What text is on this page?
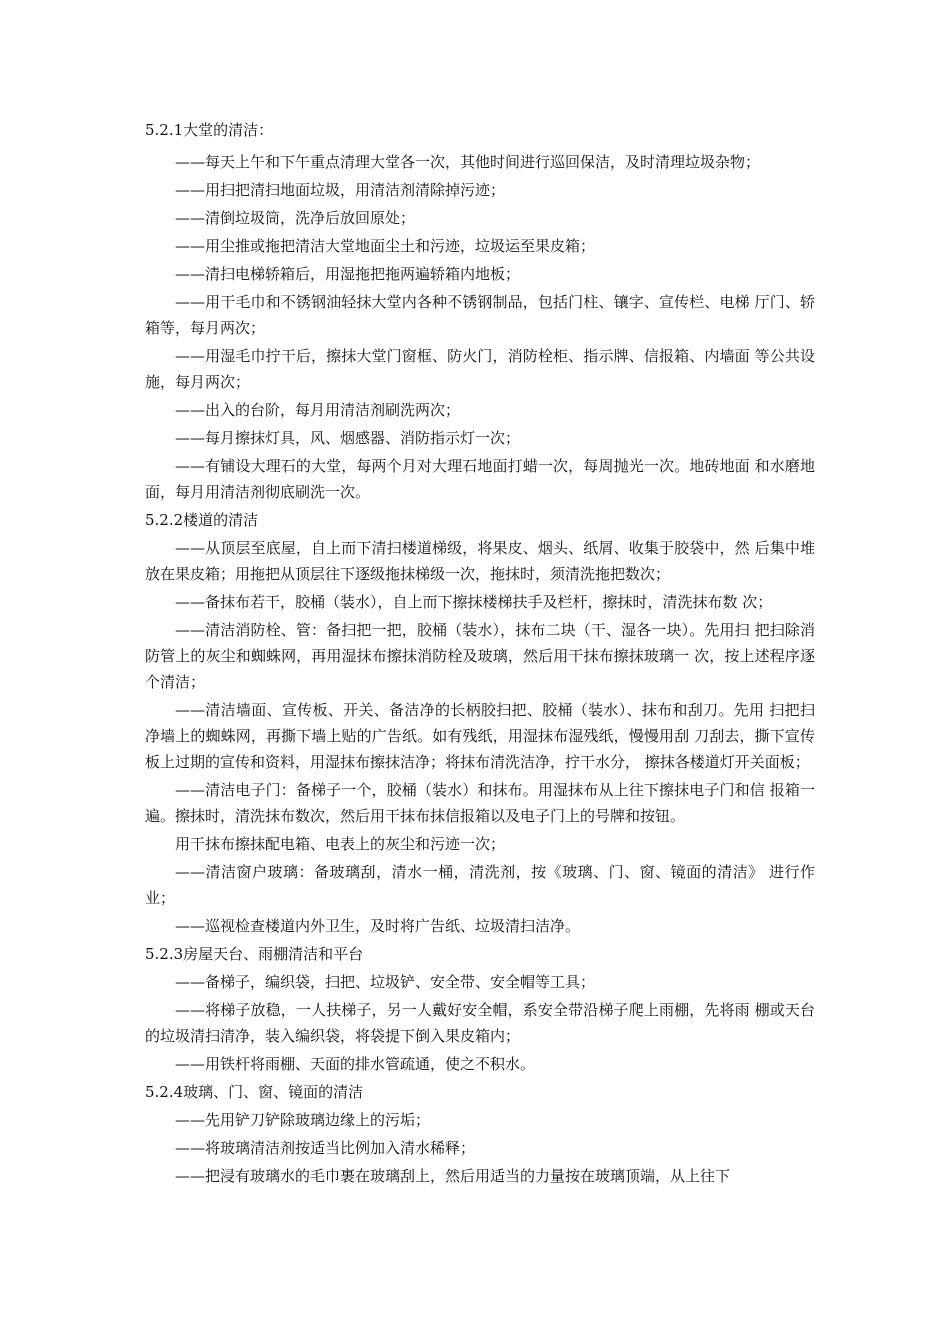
5.2.1大堂的清洁：

——每天上午和下午重点清理大堂各一次，其他时间进行巡回保洁，及时清理垃圾杂物；

——用扫把清扫地面垃圾，用清洁剂清除掉污迹；

——清倒垃圾筒，洗净后放回原处；

——用尘推或拖把清洁大堂地面尘土和污迹，垃圾运至果皮箱；

——清扫电梯轿箱后，用湿拖把拖两遍轿箱内地板；

——用干毛巾和不锈钢油轻抹大堂内各种不锈钢制品，包括门柱、镶字、宣传栏、电梯 厅门、轿箱等，每月两次；

——用湿毛巾拧干后，擦抹大堂门窗框、防火门，消防栓柜、指示牌、信报箱、内墙面 等公共设施，每月两次；

——出入的台阶，每月用清洁剂刷洗两次；

——每月擦抹灯具，风、烟感器、消防指示灯一次；

——有铺设大理石的大堂，每两个月对大理石地面打蜡一次，每周抛光一次。地砖地面 和水磨地面，每月用清洁剂彻底刷洗一次。

5.2.2楼道的清洁

——从顶层至底屋，自上而下清扫楼道梯级，将果皮、烟头、纸屑、收集于胶袋中，然 后集中堆放在果皮箱；用拖把从顶层往下逐级拖抹梯级一次，拖抹时，须清洗拖把数次；

——备抹布若干，胶桶（装水），自上而下擦抹楼梯扶手及栏杆，擦抹时，清洗抹布数 次；

——清洁消防栓、管：备扫把一把，胶桶（装水），抹布二块（干、湿各一块）。先用扫 把扫除消防管上的灰尘和蜘蛛网，再用湿抹布擦抹消防栓及玻璃，然后用干抹布擦抹玻璃一 次，按上述程序逐个清洁；

——清洁墙面、宣传板、开关、备洁净的长柄胶扫把、胶桶（装水）、抹布和刮刀。先用 扫把扫净墙上的蜘蛛网，再撕下墙上贴的广告纸。如有残纸，用湿抹布湿残纸，慢慢用刮 刀刮去，撕下宣传板上过期的宣传和资料，用湿抹布擦抹洁净；将抹布清洗洁净，拧干水分， 擦抹各楼道灯开关面板；

——清洁电子门：备梯子一个，胶桶（装水）和抹布。用湿抹布从上往下擦抹电子门和信 报箱一遍。擦抹时，清洗抹布数次，然后用干抹布抹信报箱以及电子门上的号牌和按钮。

用干抹布擦抹配电箱、电表上的灰尘和污迹一次；

——清洁窗户玻璃：备玻璃刮，清水一桶，清洗剂，按《玻璃、门、窗、镜面的清洁》 进行作业；

——巡视检查楼道内外卫生，及时将广告纸、垃圾清扫洁净。

5.2.3房屋天台、雨棚清洁和平台

——备梯子，编织袋，扫把、垃圾铲、安全带、安全帽等工具；

——将梯子放稳，一人扶梯子，另一人戴好安全帽，系安全带沿梯子爬上雨棚，先将雨 棚或天台的垃圾清扫清净，装入编织袋，将袋提下倒入果皮箱内；

——用铁杆将雨棚、天面的排水管疏通，使之不积水。

5.2.4玻璃、门、窗、镜面的清洁

——先用铲刀铲除玻璃边缘上的污垢；

——将玻璃清洁剂按适当比例加入清水稀释；

——把浸有玻璃水的毛巾裹在玻璃刮上，然后用适当的力量按在玻璃顶端，从上往下
